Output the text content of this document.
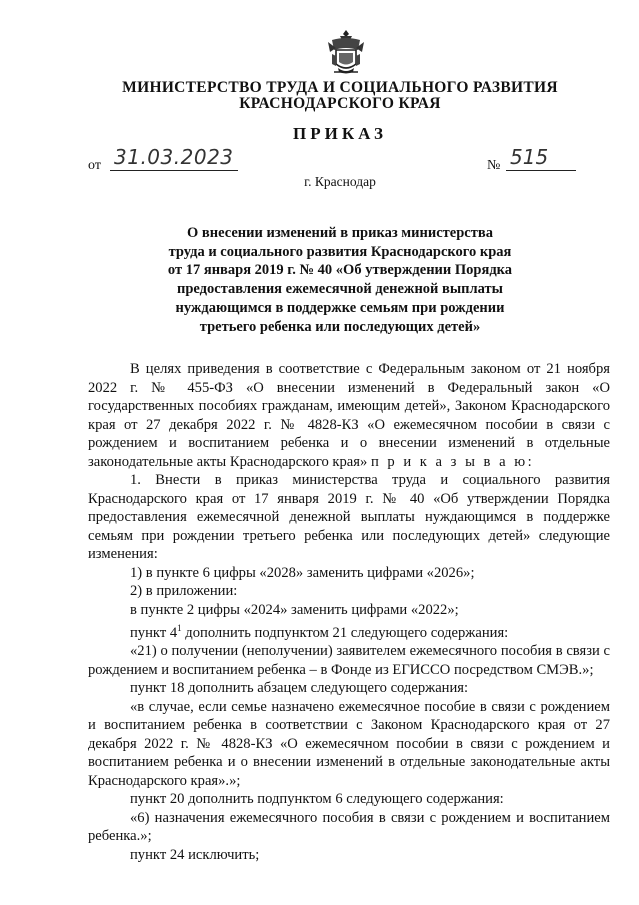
МИНИСТЕРСТВО ТРУДА И СОЦИАЛЬНОГО РАЗВИТИЯ
КРАСНОДАРСКОГО КРАЯ
ПРИКАЗ
от 31.03.2023	№ 515
г. Краснодар
О внесении изменений в приказ министерства
труда и социального развития Краснодарского края
от 17 января 2019 г. № 40 «Об утверждении Порядка
предоставления ежемесячной денежной выплаты
нуждающимся в поддержке семьям при рождении
третьего ребенка или последующих детей»

В целях приведения в соответствие с Федеральным законом от 21 ноября 2022 г. № 455-ФЗ «О внесении изменений в Федеральный закон «О государственных пособиях гражданам, имеющим детей», Законом Краснодарского края от 27 декабря 2022 г. № 4828-КЗ «О ежемесячном пособии в связи с рождением и воспитанием ребенка и о внесении изменений в отдельные законодательные акты Краснодарского края» п р и к а з ы в а ю:

1. Внести в приказ министерства труда и социального развития Краснодарского края от 17 января 2019 г. № 40 «Об утверждении Порядка предоставления ежемесячной денежной выплаты нуждающимся в поддержке семьям при рождении третьего ребенка или последующих детей» следующие изменения:

1) в пункте 6 цифры «2028» заменить цифрами «2026»;

2) в приложении:

в пункте 2 цифры «2024» заменить цифрами «2022»;

пункт $4^1$ дополнить подпунктом 21 следующего содержания:

«21) о получении (неполучении) заявителем ежемесячного пособия в связи с рождением и воспитанием ребенка – в Фонде из ЕГИССО посредством СМЭВ.»;

пункт 18 дополнить абзацем следующего содержания:

«в случае, если семье назначено ежемесячное пособие в связи с рождением и воспитанием ребенка в соответствии с Законом Краснодарского края от 27 декабря 2022 г. № 4828-КЗ «О ежемесячном пособии в связи с рождением и воспитанием ребенка и о внесении изменений в отдельные законодательные акты Краснодарского края».»;

пункт 20 дополнить подпунктом 6 следующего содержания:

«6) назначения ежемесячного пособия в связи с рождением и воспитанием ребенка.»;

пункт 24 исключить;
